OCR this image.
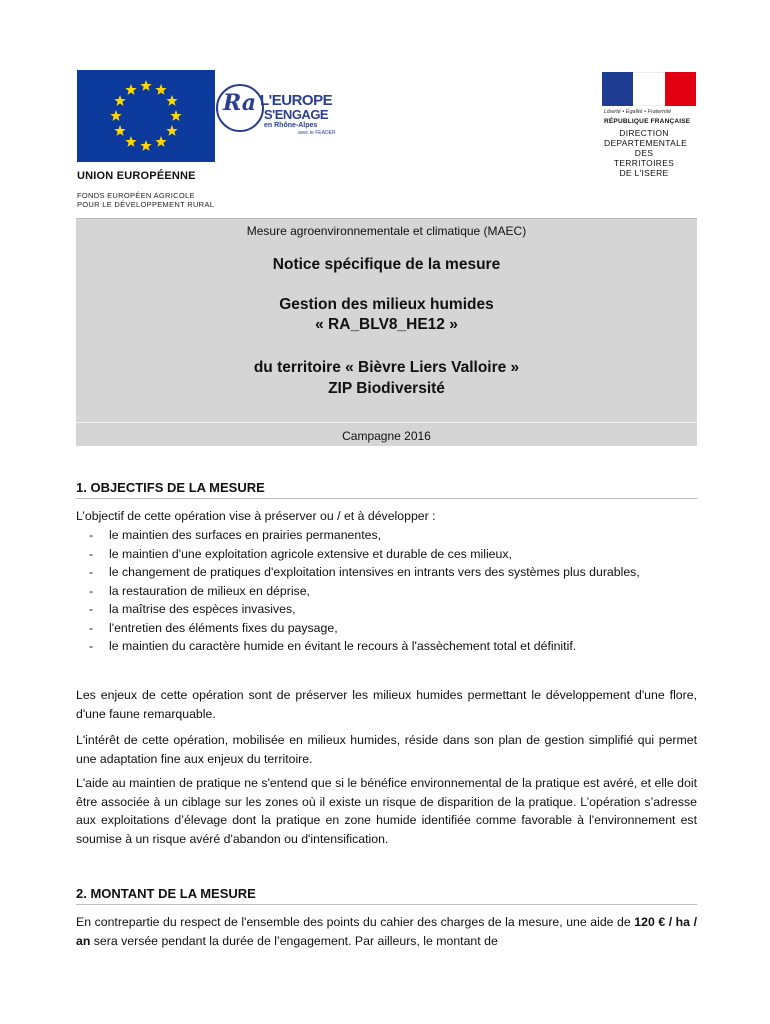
UNION EUROPÉENNE
FONDS EUROPÉEN AGRICOLE
POUR LE DÉVELOPPEMENT RURAL
Ra L'EUROPE
S'ENGAGE
en Rhône-Alpes
avec le FEADER
Liberté • Égalité • Fraternité
RÉPUBLIQUE FRANÇAISE
DIRECTION
DEPARTEMENTALE
DES TERRITOIRES
DE L'ISERE
Mesure agroenvironnementale et climatique (MAEC)
Notice spécifique de la mesure
Gestion des milieux humides
« RA_BLV8_HE12 »
du territoire « Bièvre Liers Valloire »
ZIP Biodiversité
Campagne 2016
1. OBJECTIFS DE LA MESURE
L’objectif de cette opération vise à préserver ou / et à développer :
- le maintien des surfaces en prairies permanentes,
- le maintien d'une exploitation agricole extensive et durable de ces milieux,
- le changement de pratiques d'exploitation intensives en intrants vers des systèmes plus durables,
- la restauration de milieux en déprise,
- la maîtrise des espèces invasives,
- l'entretien des éléments fixes du paysage,
- le maintien du caractère humide en évitant le recours à l'assèchement total et définitif.
Les enjeux de cette opération sont de préserver les milieux humides permettant le développement d'une flore, d'une faune remarquable.
L'intérêt de cette opération, mobilisée en milieux humides, réside dans son plan de gestion simplifié qui permet une adaptation fine aux enjeux du territoire.
L'aide au maintien de pratique ne s'entend que si le bénéfice environnemental de la pratique est avéré, et elle doit être associée à un ciblage sur les zones où il existe un risque de disparition de la pratique. L’opération s’adresse aux exploitations d’élevage dont la pratique en zone humide identifiée comme favorable à l'environnement est soumise à un risque avéré d'abandon ou d'intensification.
2. MONTANT DE LA MESURE
En contrepartie du respect de l'ensemble des points du cahier des charges de la mesure, une aide de 120 € / ha / an sera versée pendant la durée de l’engagement. Par ailleurs, le montant de
